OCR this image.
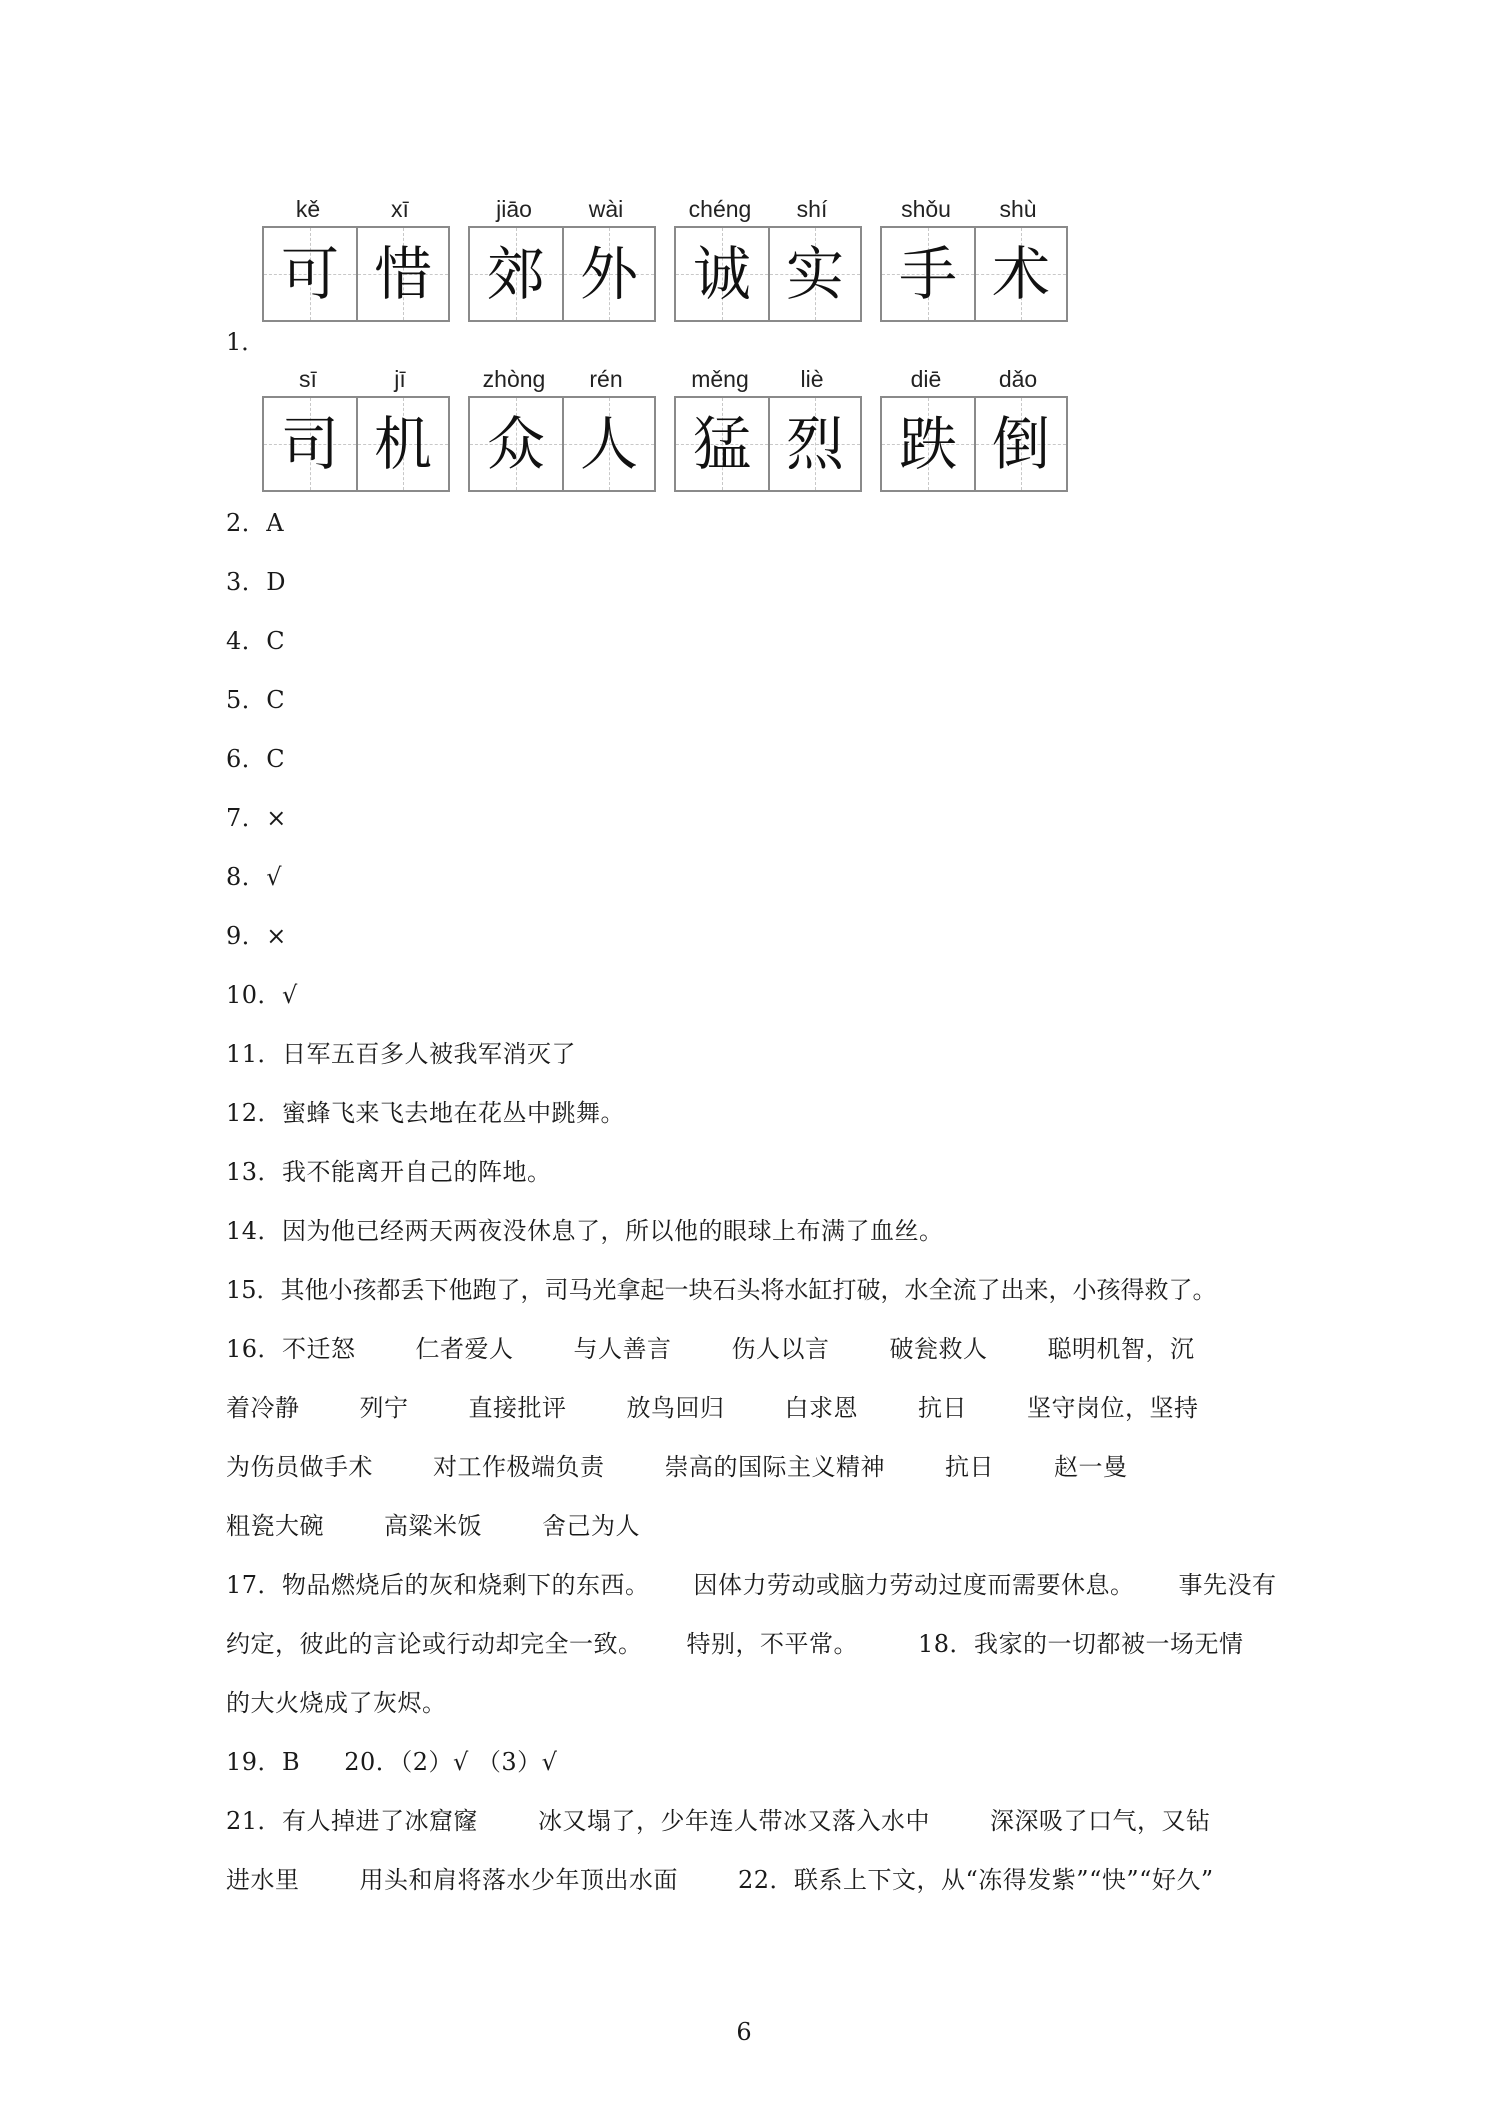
kě	xī
可 惜
jiāo	wài
郊 外
chéng	shí
诚 实
shǒu	shù
手 术
1．
sī	jī
司 机
zhòng	rén
众 人
měng	liè
猛 烈
diē	dǎo
跌 倒
2．A
3．D
4．C
5．C
6．C
7．×
8．√
9．×
10．√
11．日军五百多人被我军消灭了
12．蜜蜂飞来飞去地在花丛中跳舞。
13．我不能离开自己的阵地。
14．因为他已经两天两夜没休息了，所以他的眼球上布满了血丝。
15．其他小孩都丢下他跑了，司马光拿起一块石头将水缸打破，水全流了出来，小孩得救了。
16．不迁怒	仁者爱人	与人善言	伤人以言	破瓮救人	聪明机智，沉
着冷静	列宁	直接批评	放鸟回归	白求恩	抗日	坚守岗位，坚持
为伤员做手术	对工作极端负责	崇高的国际主义精神	抗日	赵一曼
粗瓷大碗	高粱米饭	舍己为人
17．物品燃烧后的灰和烧剩下的东西。 因体力劳动或脑力劳动过度而需要休息。 事先没有
约定，彼此的言论或行动却完全一致。 特别，不平常。	18．我家的一切都被一场无情
的大火烧成了灰烬。
19．B 20．（2）√ （3）√
21．有人掉进了冰窟窿	冰又塌了，少年连人带冰又落入水中	深深吸了口气，又钻
进水里	用头和肩将落水少年顶出水面	22．联系上下文，从“冻得发紫”“快”“好久”
6
